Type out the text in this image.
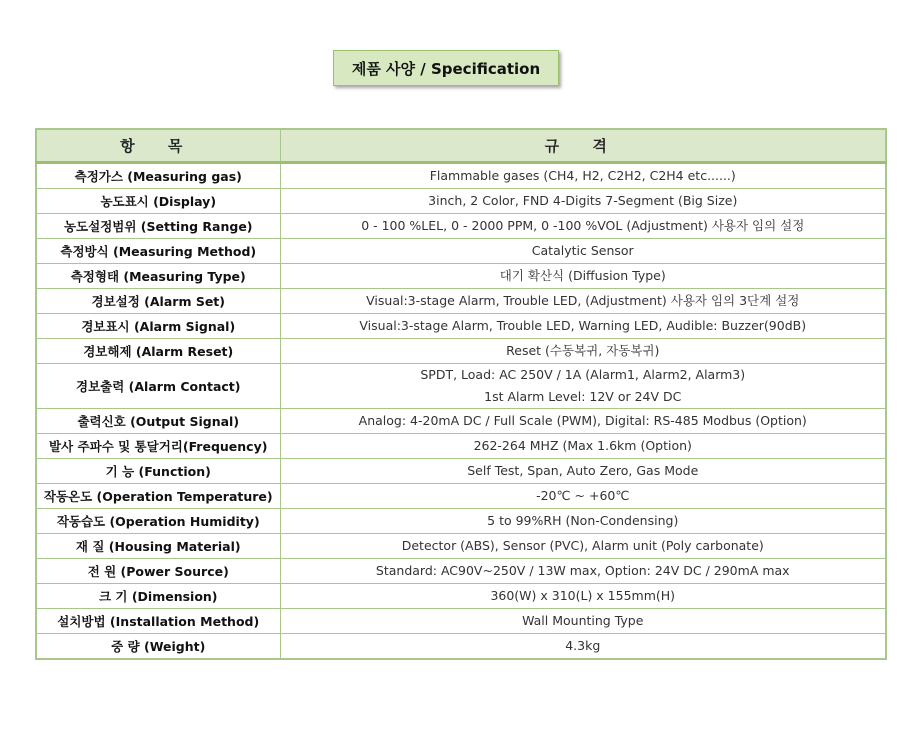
제품 사양 / Specification
항 목	규 격
측정가스 (Measuring gas)	Flammable gases (CH4, H2, C2H2, C2H4 etc......)

농도표시 (Display)	3inch, 2 Color, FND 4-Digits 7-Segment (Big Size)

농도설정범위 (Setting Range)	0 - 100 %LEL, 0 - 2000 PPM, 0 -100 %VOL (Adjustment) 사용자 임의 설정

측정방식 (Measuring Method)	Catalytic Sensor

측정형태 (Measuring Type)	대기 확산식 (Diffusion Type)

경보설정 (Alarm Set)	Visual:3-stage Alarm, Trouble LED, (Adjustment) 사용자 임의 3단계 설정

경보표시 (Alarm Signal)	Visual:3-stage Alarm, Trouble LED, Warning LED, Audible: Buzzer(90dB)

경보해제 (Alarm Reset)	Reset (수동복귀, 자동복귀)

경보출력 (Alarm Contact)	SPDT, Load: AC 250V / 1A (Alarm1, Alarm2, Alarm3)
1st Alarm Level: 12V or 24V DC

출력신호 (Output Signal)	Analog: 4-20mA DC / Full Scale (PWM), Digital: RS-485 Modbus (Option)

발사 주파수 및 통달거리(Frequency)	262-264 MHZ (Max 1.6km (Option)

기 능 (Function)	Self Test, Span, Auto Zero, Gas Mode

작동온도 (Operation Temperature)	-20℃ ~ +60℃

작동습도 (Operation Humidity)	5 to 99%RH (Non-Condensing)

재 질 (Housing Material)	Detector (ABS), Sensor (PVC), Alarm unit (Poly carbonate)

전 원 (Power Source)	Standard: AC90V~250V / 13W max, Option: 24V DC / 290mA max

크 기 (Dimension)	360(W) x 310(L) x 155mm(H)

설치방법 (Installation Method)	Wall Mounting Type

중 량 (Weight)	4.3kg
